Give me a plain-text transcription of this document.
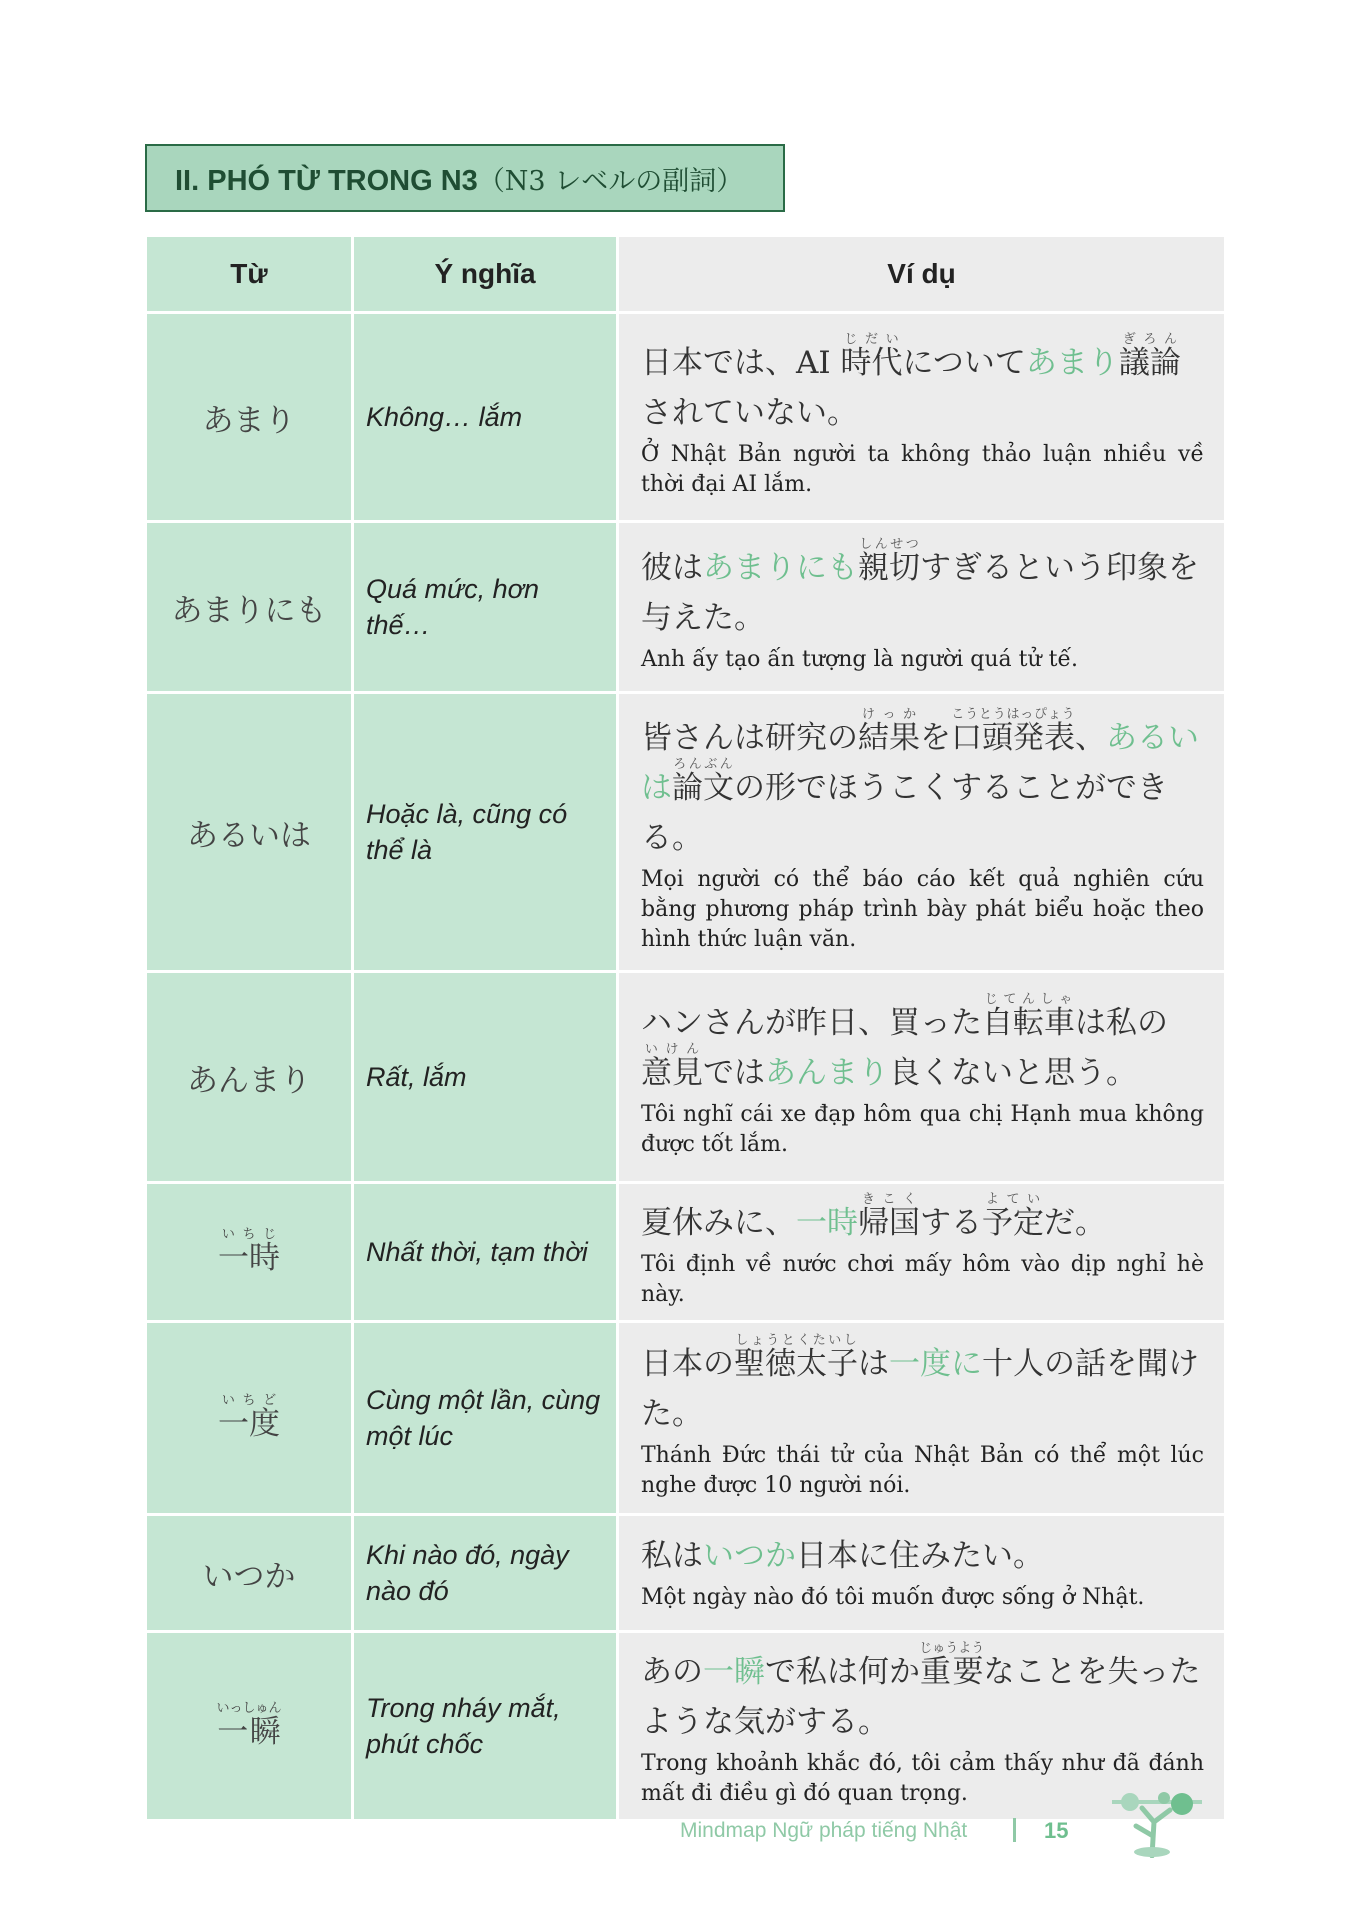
II. PHÓ TỪ TRONG N3（N3 レベルの副詞）
Từ	Ý nghĩa	Ví dụ
あまり	Không… lắm	日本では、AI 時代じだいについてあまり議論ぎろんされていない。
Ở Nhật Bản người ta không thảo luận nhiều về thời đại AI lắm.

あまりにも	Quá mức, hơn thế…	彼はあまりにも親切しんせつすぎるという印象を与えた。
Anh ấy tạo ấn tượng là người quá tử tế.

あるいは	Hoặc là, cũng có thể là	皆さんは研究の結果けっかを口頭発表こうとうはっぴょう、あるいは論文ろんぶんの形でほうこくすることができる。
Mọi người có thể báo cáo kết quả nghiên cứu bằng phương pháp trình bày phát biểu hoặc theo hình thức luận văn.

あんまり	Rất, lắm	ハンさんが昨日、買った自転車じてんしゃは私の意見いけんではあんまり良くないと思う。
Tôi nghĩ cái xe đạp hôm qua chị Hạnh mua không được tốt lắm.

一時いちじ	Nhất thời, tạm thời	夏休みに、一時帰国きこくする予定よていだ。
Tôi định về nước chơi mấy hôm vào dịp nghỉ hè này.

一度いちど	Cùng một lần, cùng một lúc	日本の聖徳太子しょうとくたいしは一度に十人の話を聞けた。
Thánh Đức thái tử của Nhật Bản có thể một lúc nghe được 10 người nói.

いつか	Khi nào đó, ngày nào đó	私はいつか日本に住みたい。
Một ngày nào đó tôi muốn được sống ở Nhật.

一瞬いっしゅん	Trong nháy mắt, phút chốc	あの一瞬で私は何か重要じゅうようなことを失ったような気がする。
Trong khoảnh khắc đó, tôi cảm thấy như đã đánh mất đi điều gì đó quan trọng.
Mindmap Ngữ pháp tiếng Nhật	15
